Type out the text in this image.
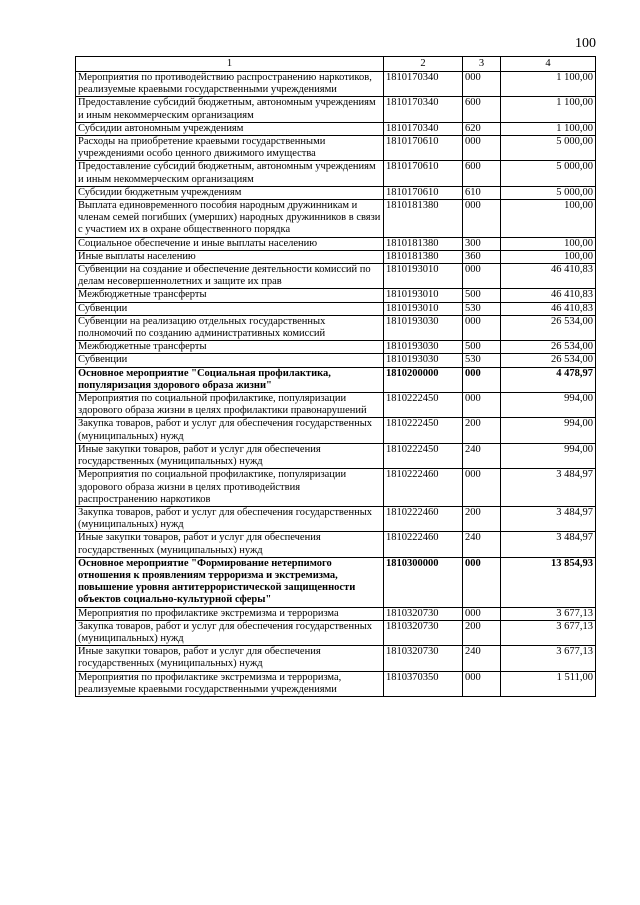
100
1	2	3	4
Мероприятия по противодействию распространению наркотиков, реализуемые краевыми государственными учреждениями	1810170340	000	1 100,00
Предоставление субсидий бюджетным, автономным учреждениям и иным некоммерческим организациям	1810170340	600	1 100,00
Субсидии автономным учреждениям	1810170340	620	1 100,00
Расходы на приобретение краевыми государственными учреждениями особо ценного движимого имущества	1810170610	000	5 000,00
Предоставление субсидий бюджетным, автономным учреждениям и иным некоммерческим организациям	1810170610	600	5 000,00
Субсидии бюджетным учреждениям	1810170610	610	5 000,00
Выплата единовременного пособия народным дружинникам и членам семей погибших (умерших) народных дружинников в связи с участием их в охране общественного порядка	1810181380	000	100,00
Социальное обеспечение и иные выплаты населению	1810181380	300	100,00
Иные выплаты населению	1810181380	360	100,00
Субвенции на создание и обеспечение деятельности комиссий по делам несовершеннолетних и защите их прав	1810193010	000	46 410,83
Межбюджетные трансферты	1810193010	500	46 410,83
Субвенции	1810193010	530	46 410,83
Субвенции на реализацию отдельных государственных полномочий по созданию административных комиссий	1810193030	000	26 534,00
Межбюджетные трансферты	1810193030	500	26 534,00
Субвенции	1810193030	530	26 534,00
Основное мероприятие "Социальная профилактика, популяризация здорового образа жизни"	1810200000	000	4 478,97
Мероприятия по социальной профилактике, популяризации здорового образа жизни в целях профилактики правонарушений	1810222450	000	994,00
Закупка товаров, работ и услуг для обеспечения государственных (муниципальных) нужд	1810222450	200	994,00
Иные закупки товаров, работ и услуг для обеспечения государственных (муниципальных) нужд	1810222450	240	994,00
Мероприятия по социальной профилактике, популяризации здорового образа жизни в целях противодействия распространению наркотиков	1810222460	000	3 484,97
Закупка товаров, работ и услуг для обеспечения государственных (муниципальных) нужд	1810222460	200	3 484,97
Иные закупки товаров, работ и услуг для обеспечения государственных (муниципальных) нужд	1810222460	240	3 484,97
Основное мероприятие "Формирование нетерпимого отношения к проявлениям терроризма и экстремизма, повышение уровня антитеррористической защищенности объектов социально-культурной сферы"	1810300000	000	13 854,93
Мероприятия по профилактике экстремизма и терроризма	1810320730	000	3 677,13
Закупка товаров, работ и услуг для обеспечения государственных (муниципальных) нужд	1810320730	200	3 677,13
Иные закупки товаров, работ и услуг для обеспечения государственных (муниципальных) нужд	1810320730	240	3 677,13
Мероприятия по профилактике экстремизма и терроризма, реализуемые краевыми государственными учреждениями	1810370350	000	1 511,00
